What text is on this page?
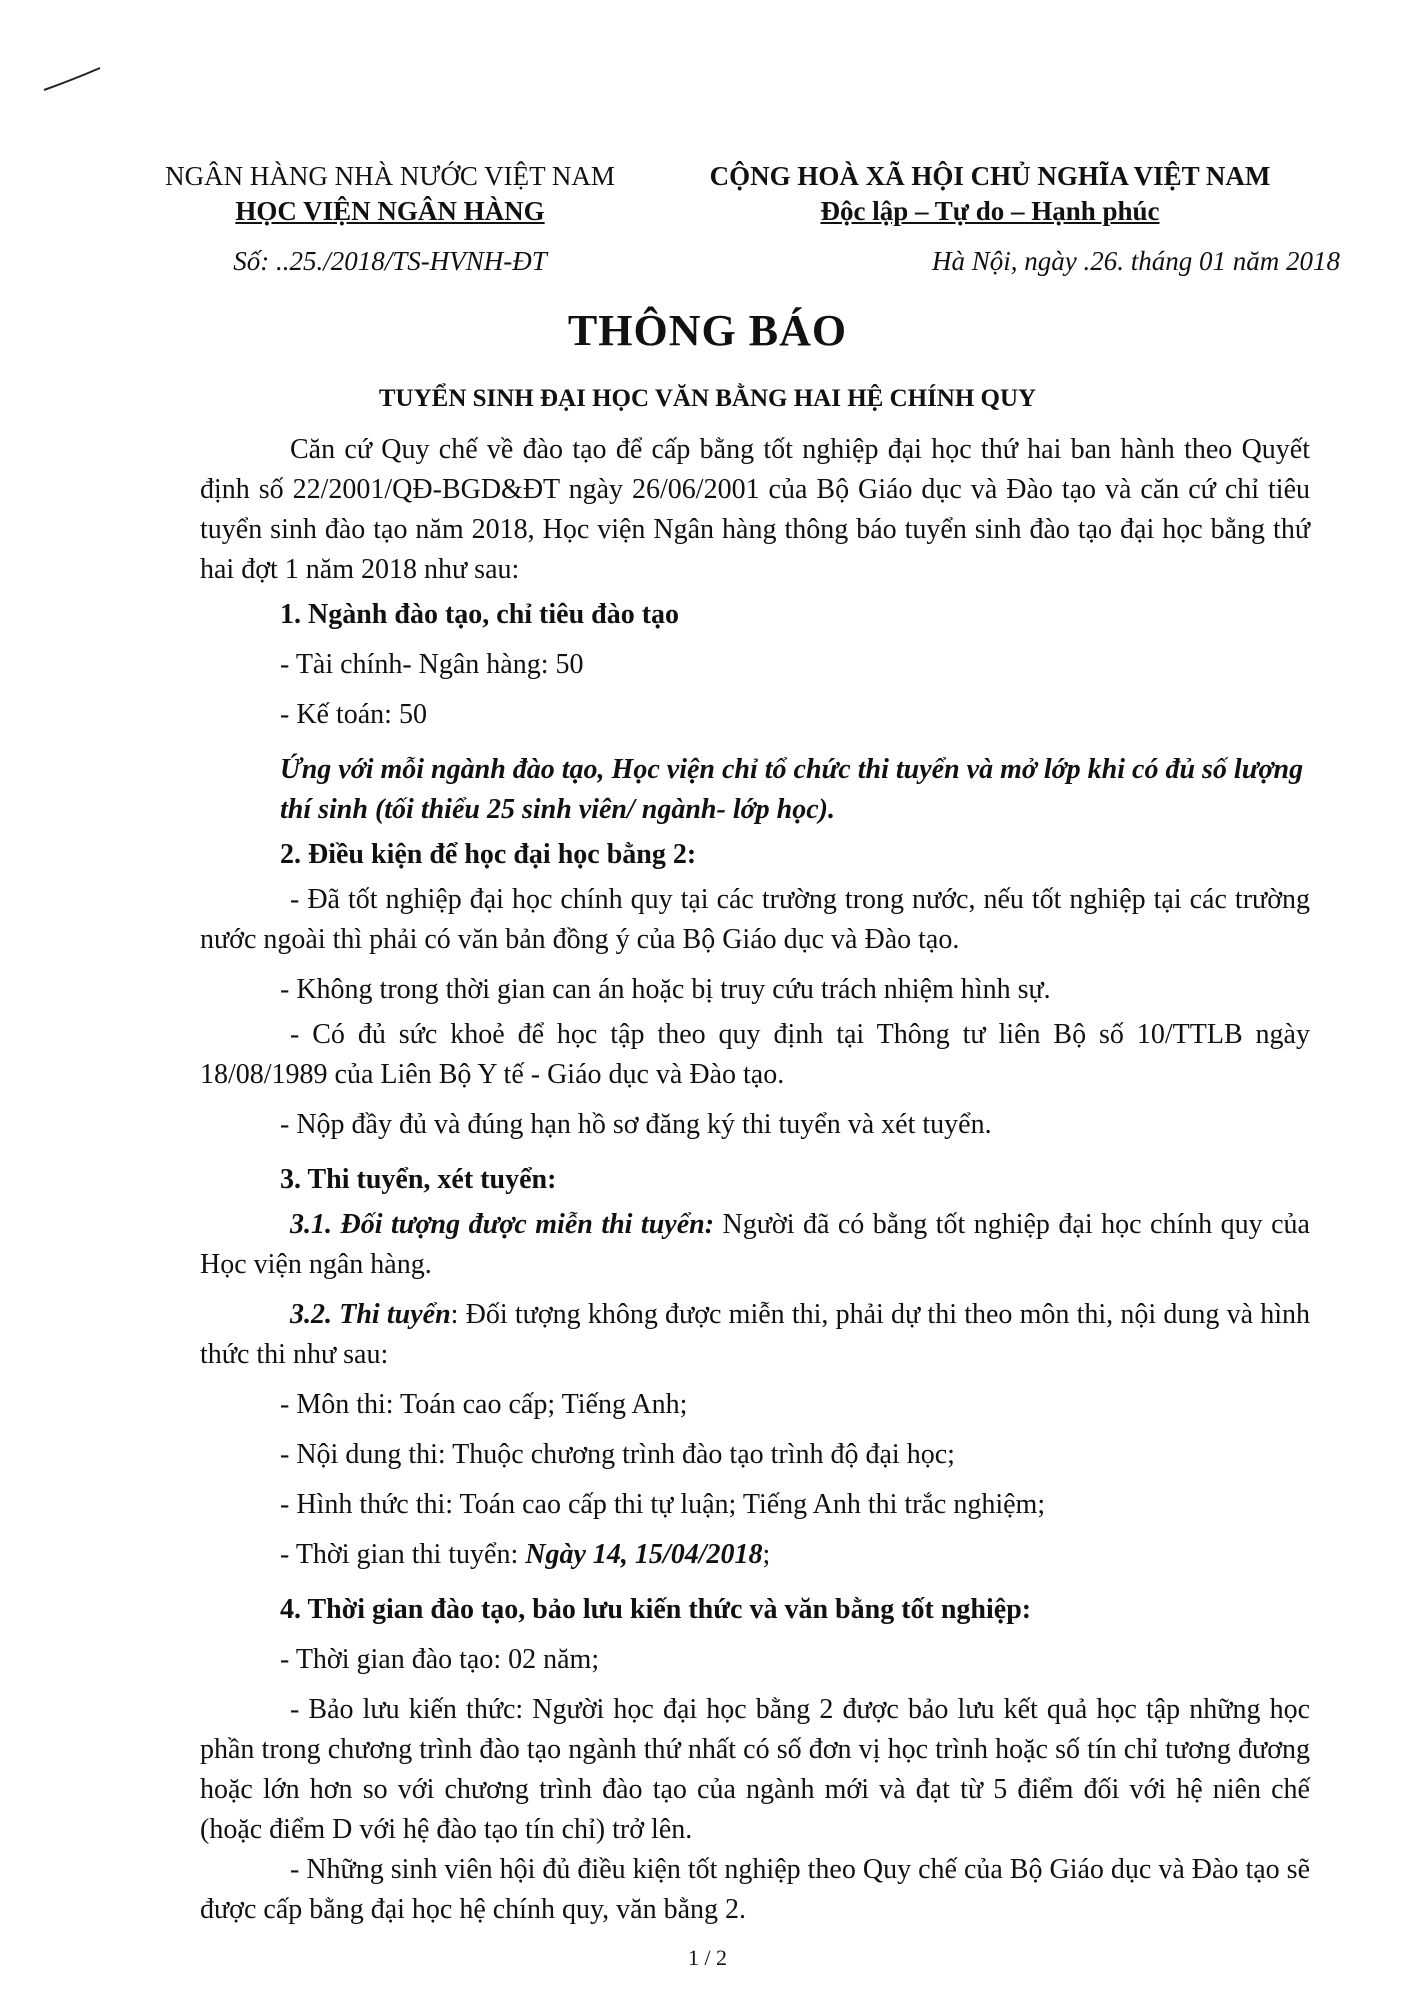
NGÂN HÀNG NHÀ NƯỚC VIỆT NAM
HỌC VIỆN NGÂN HÀNG
Số: ..25./2018/TS-HVNH-ĐT
CỘNG HOÀ XÃ HỘI CHỦ NGHĨA VIỆT NAM
Độc lập – Tự do – Hạnh phúc
Hà Nội, ngày .26. tháng 01 năm 2018
THÔNG BÁO
TUYỂN SINH ĐẠI HỌC VĂN BẰNG HAI HỆ CHÍNH QUY
Căn cứ Quy chế về đào tạo để cấp bằng tốt nghiệp đại học thứ hai ban hành theo Quyết định số 22/2001/QĐ-BGD&ĐT ngày 26/06/2001 của Bộ Giáo dục và Đào tạo và căn cứ chỉ tiêu tuyển sinh đào tạo năm 2018, Học viện Ngân hàng thông báo tuyển sinh đào tạo đại học bằng thứ hai đợt 1 năm 2018 như sau:
1. Ngành đào tạo, chỉ tiêu đào tạo
- Tài chính- Ngân hàng: 50
- Kế toán: 50
Ứng với mỗi ngành đào tạo, Học viện chỉ tổ chức thi tuyển và mở lớp khi có đủ số lượng thí sinh (tối thiểu 25 sinh viên/ ngành- lớp học).
2. Điều kiện để học đại học bằng 2:
- Đã tốt nghiệp đại học chính quy tại các trường trong nước, nếu tốt nghiệp tại các trường nước ngoài thì phải có văn bản đồng ý của Bộ Giáo dục và Đào tạo.
- Không trong thời gian can án hoặc bị truy cứu trách nhiệm hình sự.
- Có đủ sức khoẻ để học tập theo quy định tại Thông tư liên Bộ số 10/TTLB ngày 18/08/1989 của Liên Bộ Y tế - Giáo dục và Đào tạo.
- Nộp đầy đủ và đúng hạn hồ sơ đăng ký thi tuyển và xét tuyển.
3. Thi tuyển, xét tuyển:
3.1. Đối tượng được miễn thi tuyển: Người đã có bằng tốt nghiệp đại học chính quy của Học viện ngân hàng.
3.2. Thi tuyển: Đối tượng không được miễn thi, phải dự thi theo môn thi, nội dung và hình thức thi như sau:
- Môn thi: Toán cao cấp; Tiếng Anh;
- Nội dung thi: Thuộc chương trình đào tạo trình độ đại học;
- Hình thức thi: Toán cao cấp thi tự luận; Tiếng Anh thi trắc nghiệm;
- Thời gian thi tuyển: Ngày 14, 15/04/2018;
4. Thời gian đào tạo, bảo lưu kiến thức và văn bằng tốt nghiệp:
- Thời gian đào tạo: 02 năm;
- Bảo lưu kiến thức: Người học đại học bằng 2 được bảo lưu kết quả học tập những học phần trong chương trình đào tạo ngành thứ nhất có số đơn vị học trình hoặc số tín chỉ tương đương hoặc lớn hơn so với chương trình đào tạo của ngành mới và đạt từ 5 điểm đối với hệ niên chế (hoặc điểm D với hệ đào tạo tín chỉ) trở lên.
- Những sinh viên hội đủ điều kiện tốt nghiệp theo Quy chế của Bộ Giáo dục và Đào tạo sẽ được cấp bằng đại học hệ chính quy, văn bằng 2.
1 / 2
